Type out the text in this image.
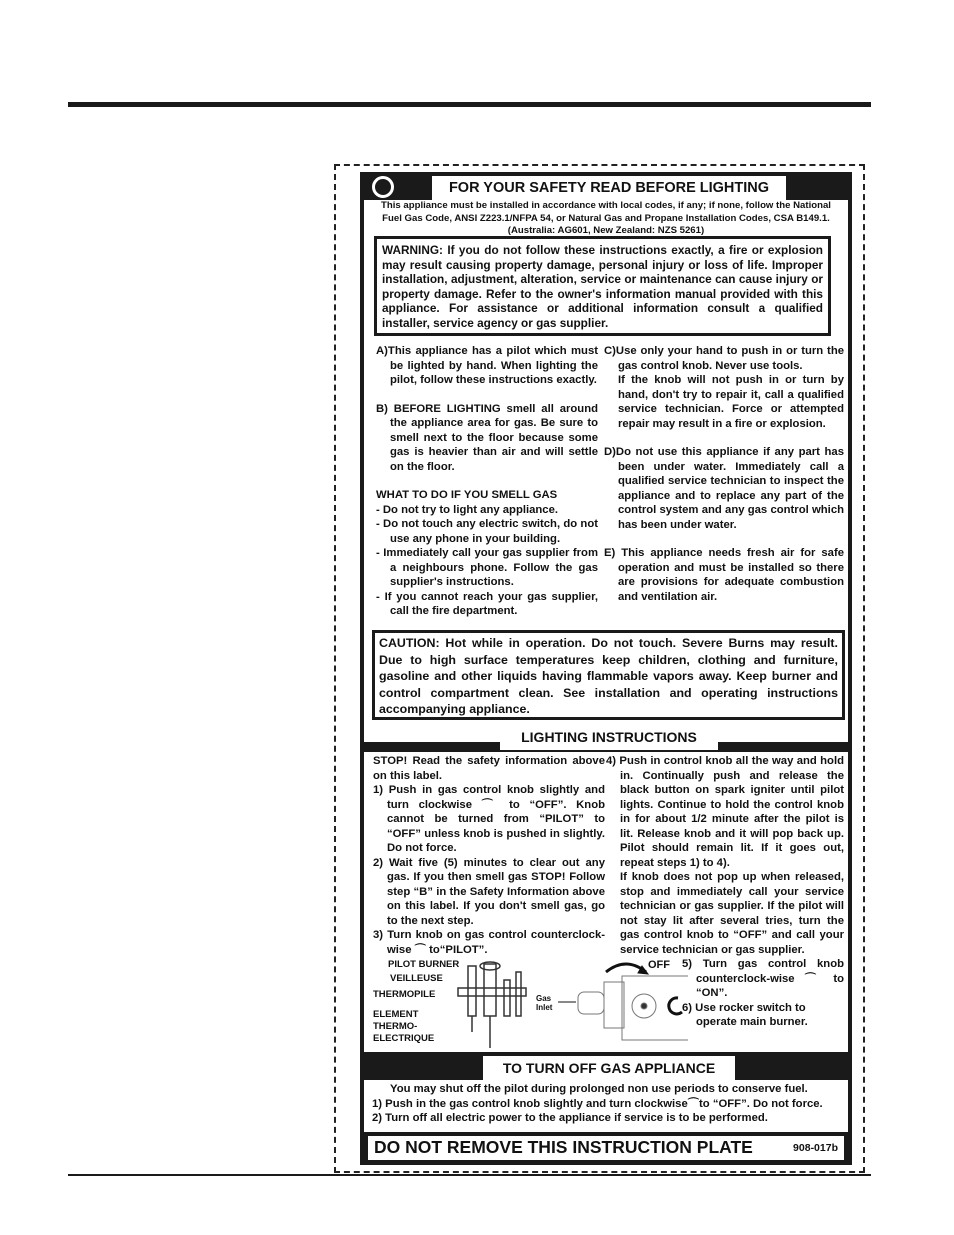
FOR YOUR SAFETY READ BEFORE LIGHTING

This appliance must be installed in accordance with local codes, if any; if none, follow the National Fuel Gas Code, ANSI Z223.1/NFPA 54, or Natural Gas and Propane Installation Codes, CSA B149.1. (Australia: AG601, New Zealand: NZS 5261)

WARNING: If you do not follow these instructions exactly, a fire or explosion may result causing property damage, personal injury or loss of life. Improper installation, adjustment, alteration, service or maintenance can cause injury or property damage. Refer to the owner's information manual provided with this appliance. For assistance or additional information consult a qualified installer, service agency or gas supplier.

A)This appliance has a pilot which must be lighted by hand. When lighting the pilot, follow these instructions exactly.

B) BEFORE LIGHTING smell all around the appliance area for gas. Be sure to smell next to the floor because some gas is heavier than air and will settle on the floor.

WHAT TO DO IF YOU SMELL GAS

- Do not try to light any appliance.

- Do not touch any electric switch, do not use any phone in your building.

- Immediately call your gas supplier from a neighbours phone. Follow the gas supplier's instructions.

- If you cannot reach your gas supplier, call the fire department.

C)Use only your hand to push in or turn the gas control knob. Never use tools.

If the knob will not push in or turn by hand, don't try to repair it, call a qualified service technician. Force or attempted repair may result in a fire or explosion.

D)Do not use this appliance if any part has been under water. Immediately call a qualified service technician to inspect the appliance and to replace any part of the control system and any gas control which has been under water.

E) This appliance needs fresh air for safe operation and must be installed so there are provisions for adequate combustion and ventilation air.

CAUTION: Hot while in operation. Do not touch. Severe Burns may result. Due to high surface temperatures keep children, clothing and furniture, gasoline and other liquids having flammable vapors away. Keep burner and control compartment clean. See installation and operating instructions accompanying appliance.

LIGHTING INSTRUCTIONS

STOP! Read the safety information above on this label.

1) Push in gas control knob slightly and turn clockwise ⌒ to “OFF”. Knob cannot be turned from “PILOT” to “OFF” unless knob is pushed in slightly. Do not force.

2) Wait five (5) minutes to clear out any gas. If you then smell gas STOP! Follow step “B” in the Safety Information above on this label. If you don't smell gas, go to the next step.

3) Turn knob on gas control counterclock-wise ⌒ to“PILOT”.

4) Push in control knob all the way and hold in. Continually push and release the black button on spark igniter until pilot lights. Continue to hold the control knob in for about 1/2 minute after the pilot is lit. Release knob and it will pop back up. Pilot should remain lit. If it goes out, repeat steps 1) to 4).

If knob does not pop up when released, stop and immediately call your service technician or gas supplier. If the pilot will not stay lit after several tries, turn the gas control knob to “OFF” and call your service technician or gas supplier.

PILOT BURNER
VEILLEUSE
THERMOPILE
ELEMENT
THERMO-
ELECTRIQUE
Gas
Inlet
OFF 5) Turn gas control knob counterclock-wise ⌒ to “ON”.

6) Use rocker switch to operate main burner.

TO TURN OFF GAS APPLIANCE

You may shut off the pilot during prolonged non use periods to conserve fuel.

1) Push in the gas control knob slightly and turn clockwise⌒to “OFF”. Do not force.

2) Turn off all electric power to the appliance if service is to be performed.

DO NOT REMOVE THIS INSTRUCTION PLATE	908-017b
